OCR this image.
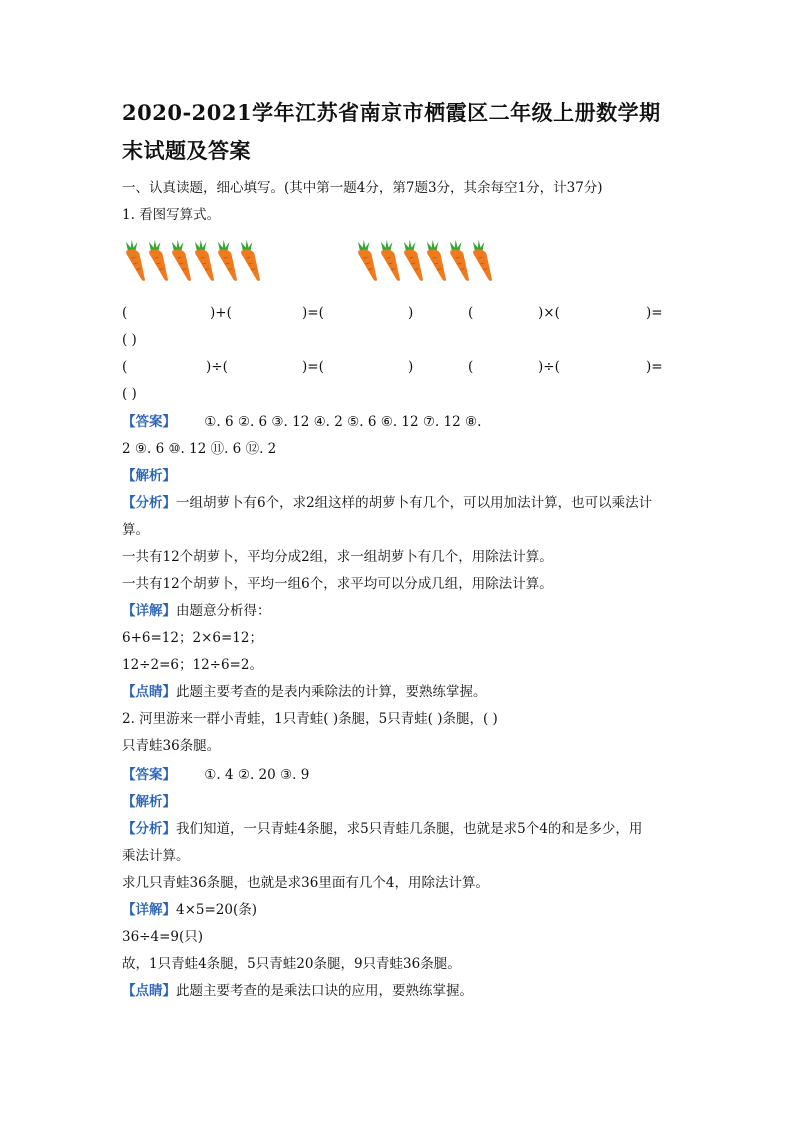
2020-2021学年江苏省南京市栖霞区二年级上册数学期末试题及答案
一、认真读题，细心填写。(其中第一题4分，第7题3分，其余每空1分，计37分)
1. 看图写算式。
(	)+(	)=(	)	(	)×(	)=
( )
(	)÷(	)=(	)	(	)÷(	)=
( )
【答案】 ①. 6 ②. 6 ③. 12 ④. 2 ⑤. 6 ⑥. 12 ⑦. 12 ⑧.
2 ⑨. 6 ⑩. 12 ⑪. 6 ⑫. 2
【解析】
【分析】一组胡萝卜有6个，求2组这样的胡萝卜有几个，可以用加法计算，也可以乘法计
算。
一共有12个胡萝卜，平均分成2组，求一组胡萝卜有几个，用除法计算。
一共有12个胡萝卜，平均一组6个，求平均可以分成几组，用除法计算。
【详解】由题意分析得：
6+6=12；2×6=12；
12÷2=6；12÷6=2。
【点睛】此题主要考查的是表内乘除法的计算，要熟练掌握。
2. 河里游来一群小青蛙，1只青蛙( )条腿，5只青蛙( )条腿，( )
只青蛙36条腿。
【答案】 ①. 4 ②. 20 ③. 9
【解析】
【分析】我们知道，一只青蛙4条腿，求5只青蛙几条腿，也就是求5个4的和是多少，用
乘法计算。
求几只青蛙36条腿，也就是求36里面有几个4，用除法计算。
【详解】4×5=20(条)
36÷4=9(只)
故，1只青蛙4条腿，5只青蛙20条腿，9只青蛙36条腿。
【点睛】此题主要考查的是乘法口诀的应用，要熟练掌握。
